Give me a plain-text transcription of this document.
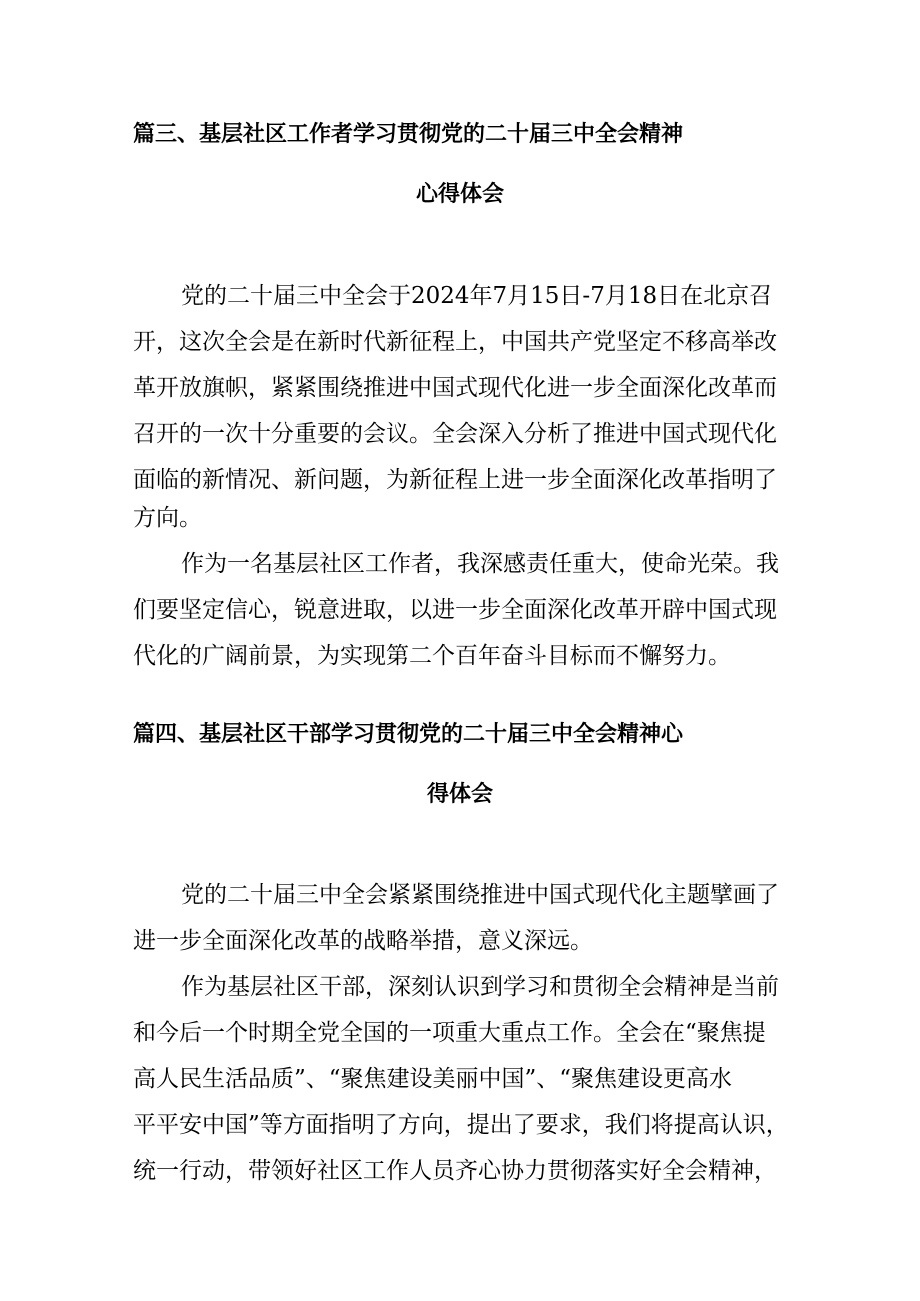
篇三、基层社区工作者学习贯彻党的二十届三中全会精神
心得体会
党的二十届三中全会于2024年7月15日-7月18日在北京召
开，这次全会是在新时代新征程上，中国共产党坚定不移高举改
革开放旗帜，紧紧围绕推进中国式现代化进一步全面深化改革而
召开的一次十分重要的会议。全会深入分析了推进中国式现代化
面临的新情况、新问题，为新征程上进一步全面深化改革指明了
方向。
作为一名基层社区工作者，我深感责任重大，使命光荣。我
们要坚定信心，锐意进取，以进一步全面深化改革开辟中国式现
代化的广阔前景，为实现第二个百年奋斗目标而不懈努力。
篇四、基层社区干部学习贯彻党的二十届三中全会精神心
得体会
党的二十届三中全会紧紧围绕推进中国式现代化主题擘画了
进一步全面深化改革的战略举措，意义深远。
作为基层社区干部，深刻认识到学习和贯彻全会精神是当前
和今后一个时期全党全国的一项重大重点工作。全会在“聚焦提
高人民生活品质”、“聚焦建设美丽中国”、“聚焦建设更高水
平平安中国”等方面指明了方向，提出了要求，我们将提高认识，
统一行动，带领好社区工作人员齐心协力贯彻落实好全会精神，
